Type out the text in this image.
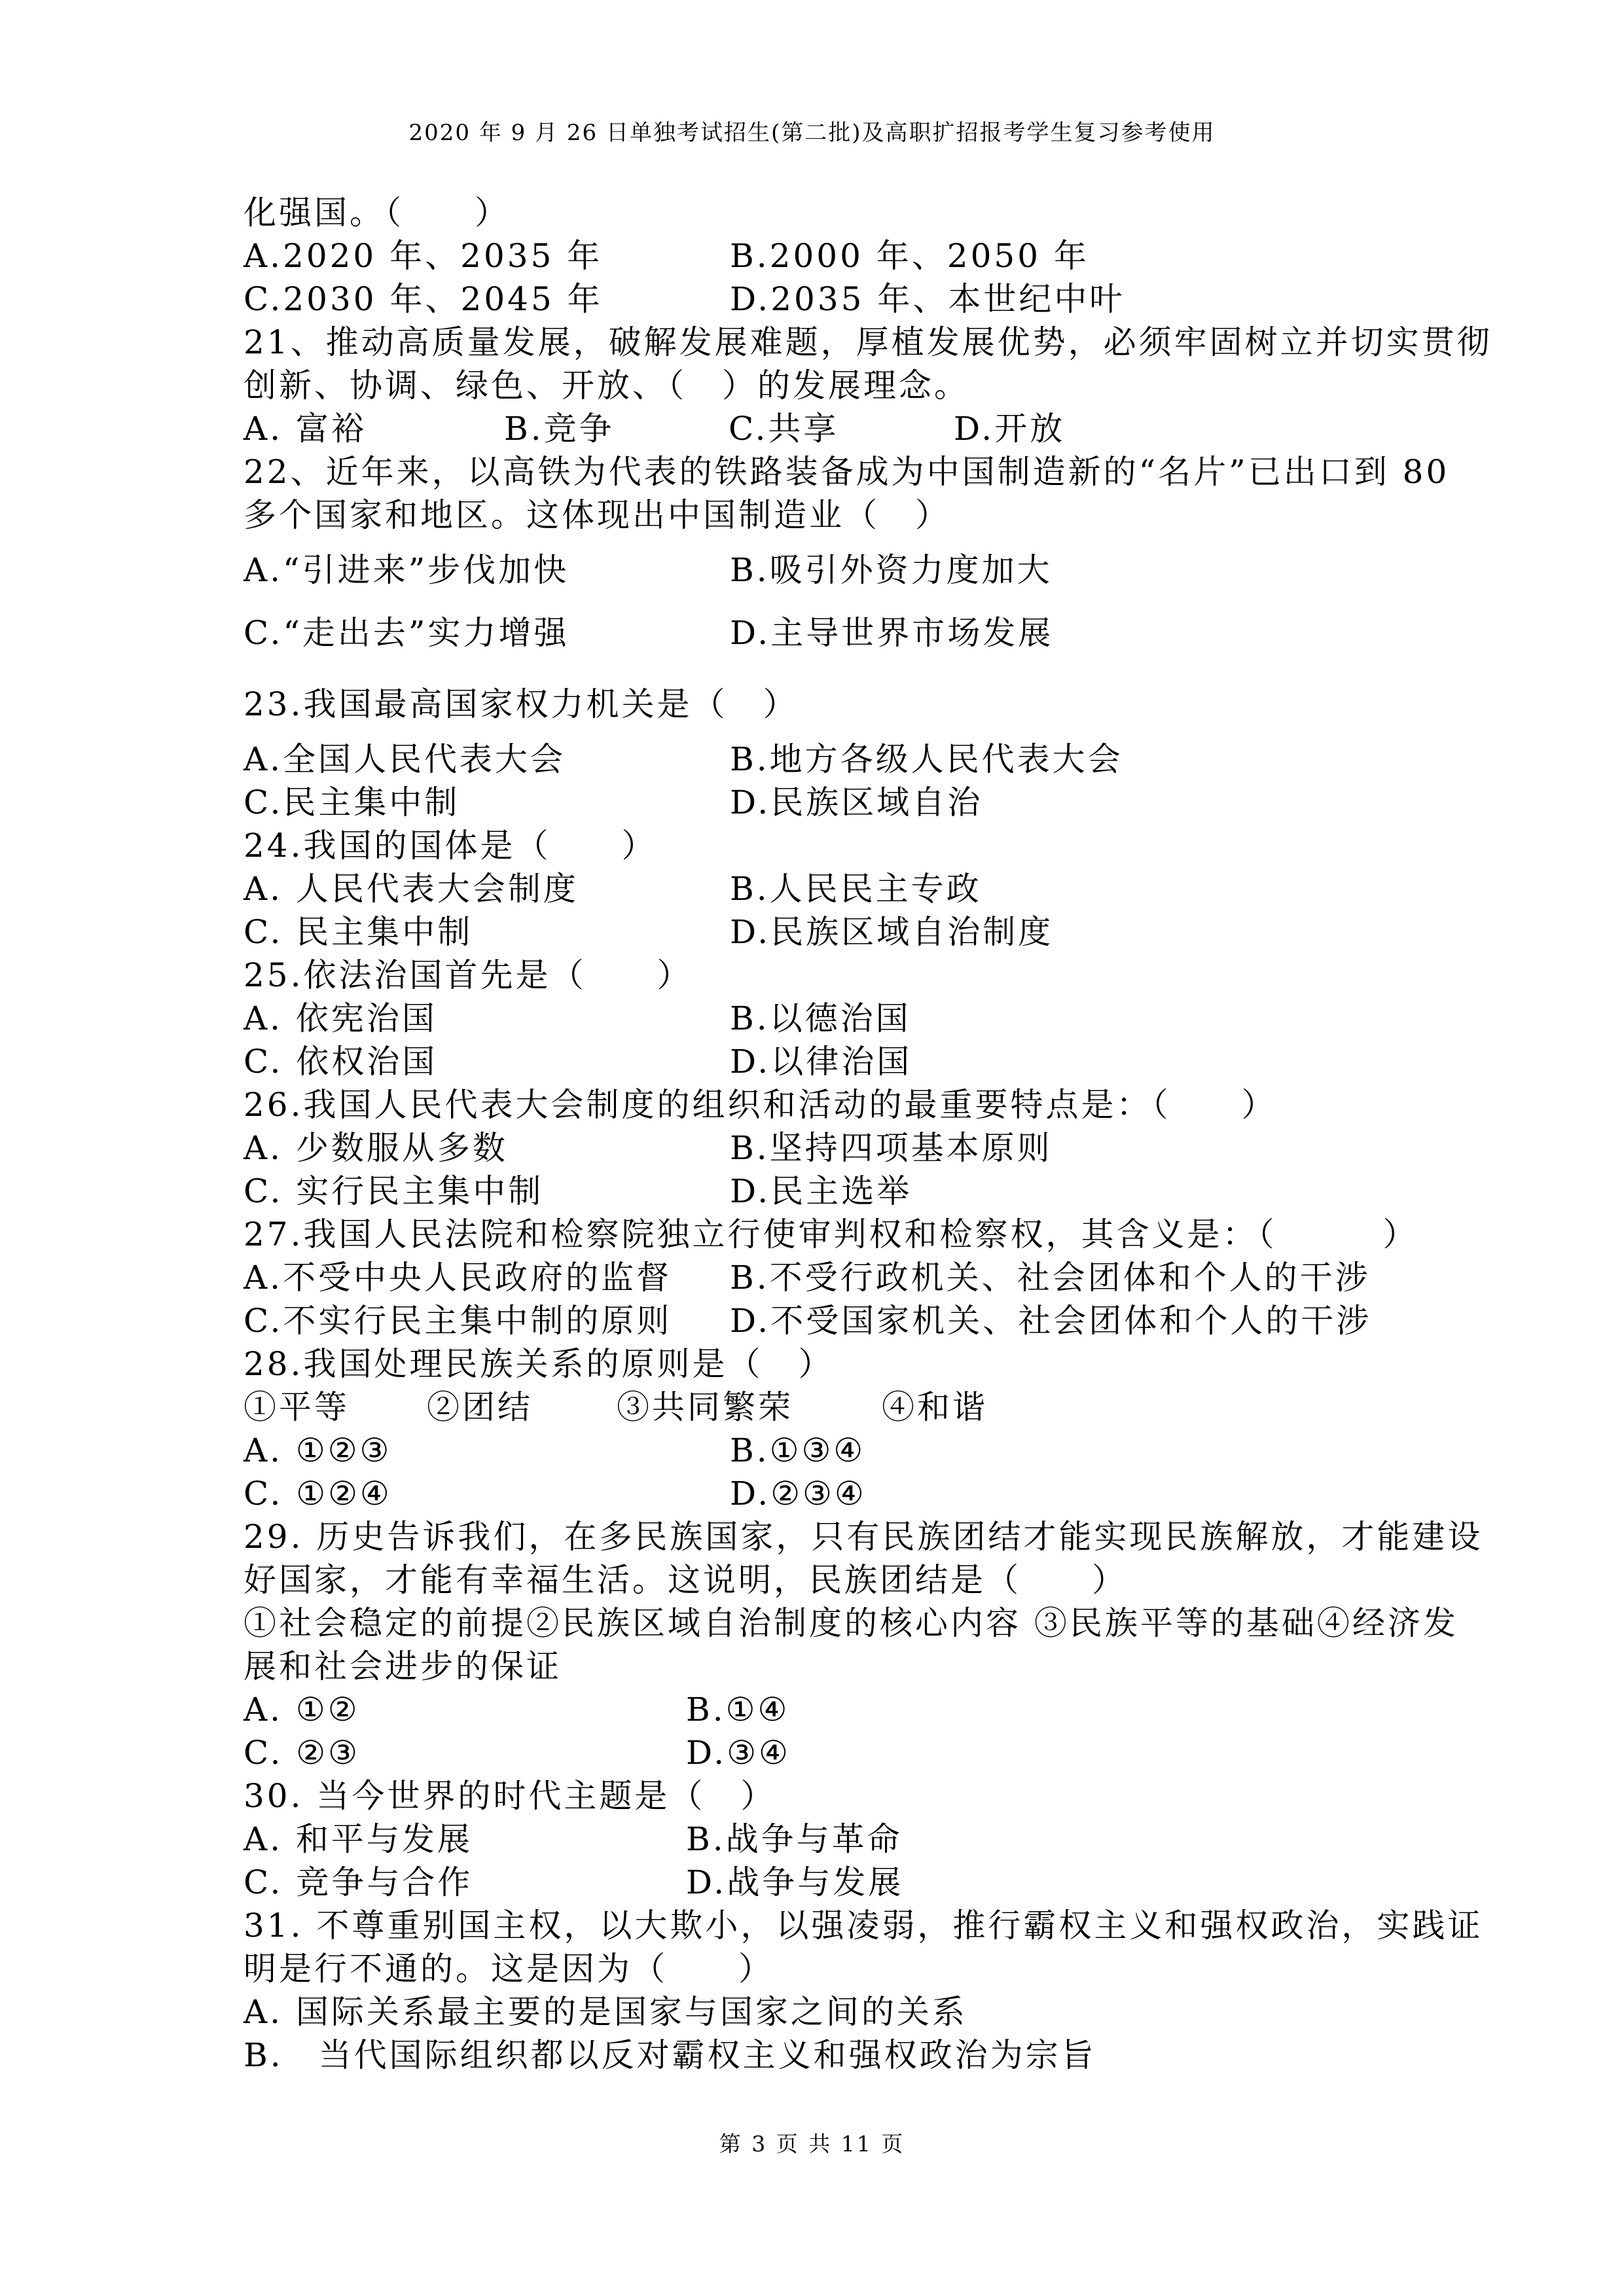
2020 年 9 月 26 日单独考试招生(第二批)及高职扩招报考学生复习参考使用
化强国。（　　）
A.2020 年、2035 年	B.2000 年、2050 年
C.2030 年、2045 年	D.2035 年、本世纪中叶
21、推动高质量发展，破解发展难题，厚植发展优势，必须牢固树立并切实贯彻
创新、协调、绿色、开放、（　）的发展理念。
A. 富裕	B.竞争	C.共享	D.开放
22、近年来，以高铁为代表的铁路装备成为中国制造新的“名片”已出口到 80
多个国家和地区。这体现出中国制造业（　）
A.“引进来”步伐加快	B.吸引外资力度加大
C.“走出去”实力增强	D.主导世界市场发展
23.我国最高国家权力机关是（　）
A.全国人民代表大会	B.地方各级人民代表大会
C.民主集中制	D.民族区域自治
24.我国的国体是（　　）
A. 人民代表大会制度	B.人民民主专政
C. 民主集中制	D.民族区域自治制度
25.依法治国首先是（　　）
A. 依宪治国	B.以德治国
C. 依权治国	D.以律治国
26.我国人民代表大会制度的组织和活动的最重要特点是：（　　）
A. 少数服从多数	B.坚持四项基本原则
C. 实行民主集中制	D.民主选举
27.我国人民法院和检察院独立行使审判权和检察权，其含义是：（　　　）
A.不受中央人民政府的监督	B.不受行政机关、社会团体和个人的干涉
C.不实行民主集中制的原则	D.不受国家机关、社会团体和个人的干涉
28.我国处理民族关系的原则是（　）
①平等	②团结	③共同繁荣	④和谐
A. ①②③	B.①③④
C. ①②④	D.②③④
29. 历史告诉我们，在多民族国家，只有民族团结才能实现民族解放，才能建设
好国家，才能有幸福生活。这说明，民族团结是（　　）
①社会稳定的前提②民族区域自治制度的核心内容 ③民族平等的基础④经济发
展和社会进步的保证
A. ①②	B.①④
C. ②③	D.③④
30. 当今世界的时代主题是（　）
A. 和平与发展	B.战争与革命
C. 竞争与合作	D.战争与发展
31. 不尊重别国主权，以大欺小，以强凌弱，推行霸权主义和强权政治，实践证
明是行不通的。这是因为（　　）
A. 国际关系最主要的是国家与国家之间的关系
B.　当代国际组织都以反对霸权主义和强权政治为宗旨
第 3 页 共 11 页
